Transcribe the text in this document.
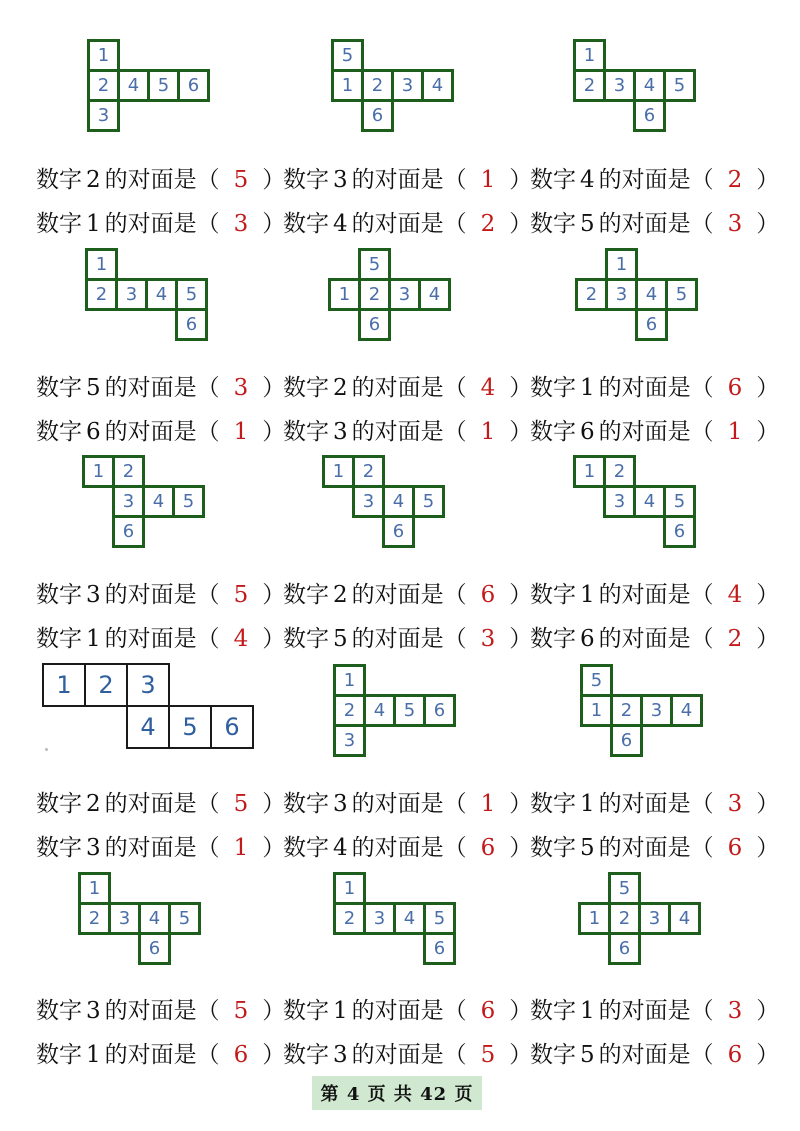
1
2	4	5	6
3
5
1	2	3	4
6
1
2	3	4	5
6
1
2	3	4	5
6
5
1	2	3	4
6
1
2	3	4	5
6
1	2
3	4	5
6
1	2
3	4	5
6
1	2
3	4	5
6
1	2	3
4	5	6
1
2	4	5	6
3
5
1	2	3	4
6
1
2	3	4	5
6
1
2	3	4	5
6
5
1	2	3	4
6
数字 2 的对面是（ 5 ）
数字 3 的对面是（ 1 ）
数字 4 的对面是（ 2 ）
数字 1 的对面是（ 3 ）
数字 4 的对面是（ 2 ）
数字 5 的对面是（ 3 ）
数字 5 的对面是（ 3 ）
数字 2 的对面是（ 4 ）
数字 1 的对面是（ 6 ）
数字 6 的对面是（ 1 ）
数字 3 的对面是（ 1 ）
数字 6 的对面是（ 1 ）
数字 3 的对面是（ 5 ）
数字 2 的对面是（ 6 ）
数字 1 的对面是（ 4 ）
数字 1 的对面是（ 4 ）
数字 5 的对面是（ 3 ）
数字 6 的对面是（ 2 ）
数字 2 的对面是（ 5 ）
数字 3 的对面是（ 1 ）
数字 1 的对面是（ 3 ）
数字 3 的对面是（ 1 ）
数字 4 的对面是（ 6 ）
数字 5 的对面是（ 6 ）
数字 3 的对面是（ 5 ）
数字 1 的对面是（ 6 ）
数字 1 的对面是（ 3 ）
数字 1 的对面是（ 6 ）
数字 3 的对面是（ 5 ）
数字 5 的对面是（ 6 ）
第 4 页 共 42 页
